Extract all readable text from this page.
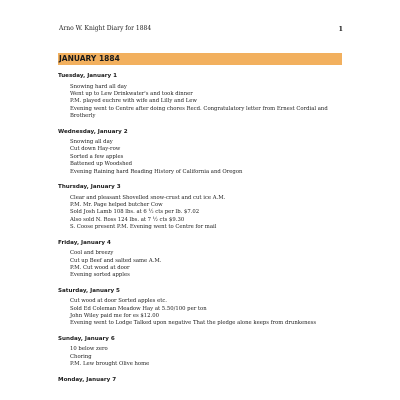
Arno W. Knight Diary for 1884	1
JANUARY 1884
Tuesday, January 1
Snowing hard all day
Went up to Lew Drinkwater's and took dinner
P.M. played euchre with wife and Lilly and Lew
Evening went to Centre after doing chores Recd. Congratulatory letter from Ernest Cordial and Brotherly
Wednesday, January 2
Snowing all day
Cut down Hay-row
Sorted a few apples
Battened up Woodshed
Evening Raining hard Reading History of California and Oregon
Thursday, January 3
Clear and pleasant Shovelled snow-crust and cut ice A.M.
P.M. Mr. Page helped butcher Cow
Sold Josh Lamb 108 lbs. at 6 ½ cts per lb. $7.02
Also sold N. Ross 124 lbs. at 7 ½ cts $9.30
S. Coose present P.M. Evening went to Centre for mail
Friday, January 4
Cool and breezy
Cut up Beef and salted same A.M.
P.M. Cut wood at door
Evening sorted apples
Saturday, January 5
Cut wood at door Sorted apples etc.
Sold Ed Coleman Meadow Hay at 5.50/100 per ton
John Wiley paid me for es $12.00
Evening went to Lodge Talked upon negative That the pledge alone keeps from drunkeness
Sunday, January 6
10 below zero
Choring
P.M. Lew brought Olive home
Monday, January 7
